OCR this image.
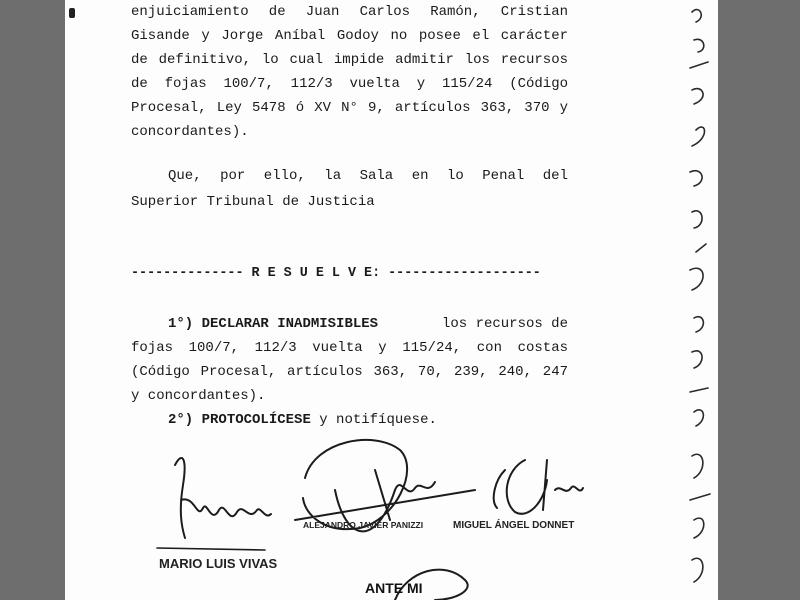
enjuiciamiento de Juan Carlos Ramón, Cristian
Gisande y Jorge Aníbal Godoy no posee el carácter
de definitivo, lo cual impide admitir los recursos
de fojas 100/7, 112/3 vuelta y 115/24 (Código
Procesal, Ley 5478 ó XV N° 9, artículos 363, 370 y
concordantes).
Que, por ello, la Sala en lo Penal del
Superior Tribunal de Justicia
-------------- R E S U E L V E: -------------------
1°) DECLARAR INADMISIBLES	los recursos de
fojas 100/7, 112/3 vuelta y 115/24, con costas
(Código Procesal, artículos 363, 70, 239, 240, 247
y concordantes).
2°) PROTOCOLÍCESE y notifíquese.
MARIO LUIS VIVAS
ALEJANDRO JAVIER PANIZZI	MIGUEL ÁNGEL DONNET
ANTE MI
